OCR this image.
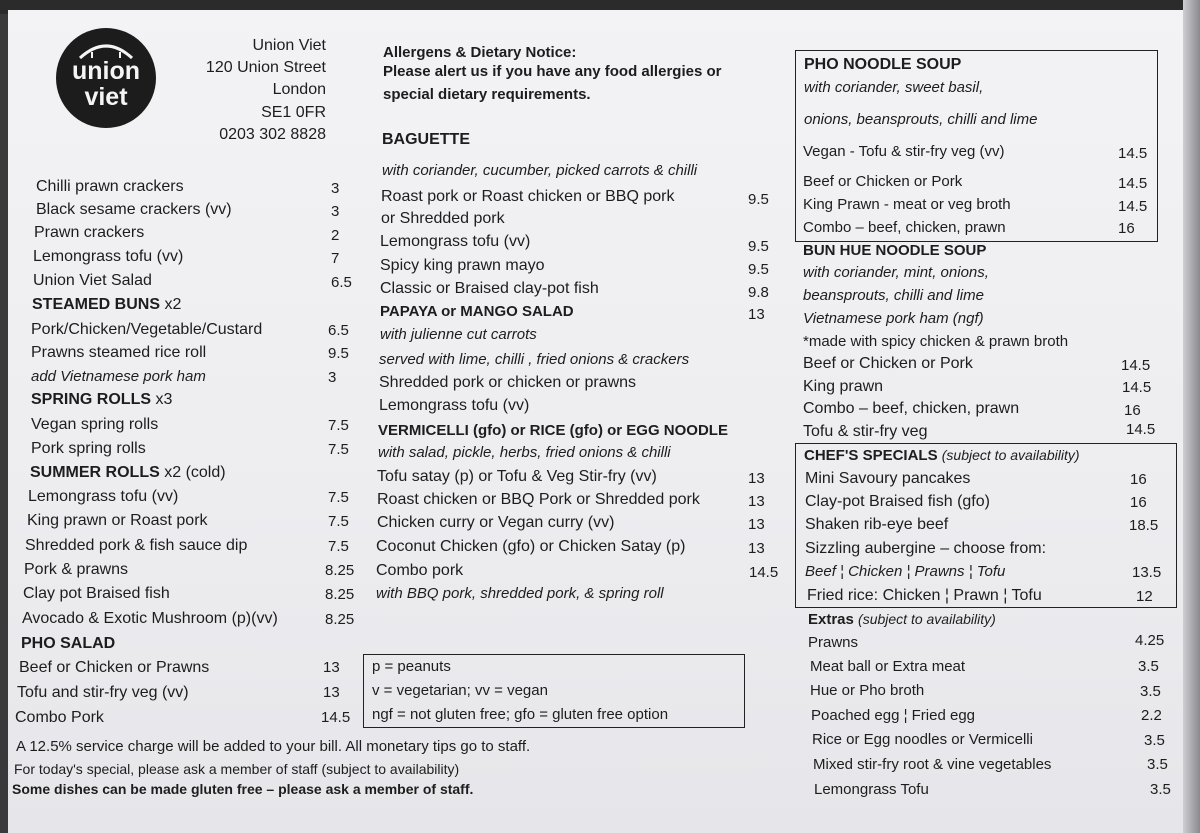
union
viet
Union Viet
120 Union Street
London
SE1 0FR
0203 302 8828
Allergens & Dietary Notice:
Please alert us if you have any food allergies or
special dietary requirements.
Chilli prawn crackers	3
Black sesame crackers (vv)	3
Prawn crackers	2
Lemongrass tofu (vv)	7
Union Viet Salad	6.5
STEAMED BUNS x2
Pork/Chicken/Vegetable/Custard	6.5
Prawns steamed rice roll	9.5
add Vietnamese pork ham	3
SPRING ROLLS x3
Vegan spring rolls	7.5
Pork spring rolls	7.5
SUMMER ROLLS x2 (cold)
Lemongrass tofu (vv)	7.5
King prawn or Roast pork	7.5
Shredded pork & fish sauce dip	7.5
Pork & prawns	8.25
Clay pot Braised fish	8.25
Avocado & Exotic Mushroom (p)(vv)	8.25
PHO SALAD
Beef or Chicken or Prawns	13
Tofu and stir-fry veg (vv)	13
Combo Pork	14.5
A 12.5% service charge will be added to your bill. All monetary tips go to staff.
For today's special, please ask a member of staff (subject to availability)
Some dishes can be made gluten free – please ask a member of staff.
BAGUETTE
with coriander, cucumber, picked carrots & chilli
Roast pork or Roast chicken or BBQ pork	9.5
or Shredded pork
Lemongrass tofu (vv)	9.5
Spicy king prawn mayo	9.5
Classic or Braised clay-pot fish	9.8
PAPAYA or MANGO SALAD	13
with julienne cut carrots
served with lime, chilli , fried onions & crackers
Shredded pork or chicken or prawns
Lemongrass tofu (vv)
VERMICELLI (gfo) or RICE (gfo) or EGG NOODLE
with salad, pickle, herbs, fried onions & chilli
Tofu satay (p) or Tofu & Veg Stir-fry (vv)	13
Roast chicken or BBQ Pork or Shredded pork	13
Chicken curry or Vegan curry (vv)	13
Coconut Chicken (gfo) or Chicken Satay (p)	13
Combo pork	14.5
with BBQ pork, shredded pork, & spring roll
p = peanuts
v = vegetarian; vv = vegan
ngf = not gluten free; gfo = gluten free option
PHO NOODLE SOUP
with coriander, sweet basil,
onions, beansprouts, chilli and lime
Vegan - Tofu & stir-fry veg (vv)	14.5
Beef or Chicken or Pork	14.5
King Prawn - meat or veg broth	14.5
Combo – beef, chicken, prawn	16
BUN HUE NOODLE SOUP
with coriander, mint, onions,
beansprouts, chilli and lime
Vietnamese pork ham (ngf)
*made with spicy chicken & prawn broth
Beef or Chicken or Pork	14.5
King prawn	14.5
Combo – beef, chicken, prawn	16
Tofu & stir-fry veg	14.5
CHEF'S SPECIALS (subject to availability)
Mini Savoury pancakes	16
Clay-pot Braised fish (gfo)	16
Shaken rib-eye beef	18.5
Sizzling aubergine – choose from:
Beef ¦ Chicken ¦ Prawns ¦ Tofu	13.5
Fried rice: Chicken ¦ Prawn ¦ Tofu	12
Extras (subject to availability)
Prawns	4.25
Meat ball or Extra meat	3.5
Hue or Pho broth	3.5
Poached egg ¦ Fried egg	2.2
Rice or Egg noodles or Vermicelli	3.5
Mixed stir-fry root & vine vegetables	3.5
Lemongrass Tofu	3.5
